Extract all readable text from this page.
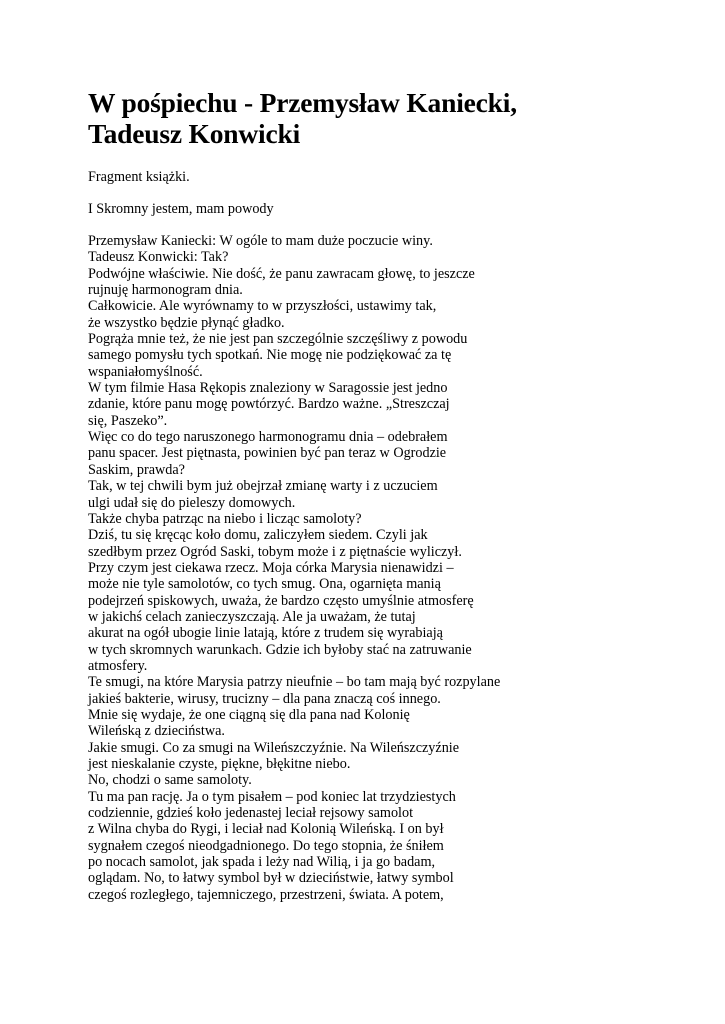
W pośpiechu - Przemysław Kaniecki,
Tadeusz Konwicki

Fragment książki.

I Skromny jestem, mam powody

Przemysław Kaniecki: W ogóle to mam duże poczucie winy.
Tadeusz Konwicki: Tak?
Podwójne właściwie. Nie dość, że panu zawracam głowę, to jeszcze
rujnuję harmonogram dnia.
Całkowicie. Ale wyrównamy to w przyszłości, ustawimy tak,
że wszystko będzie płynąć gładko.
Pogrąża mnie też, że nie jest pan szczególnie szczęśliwy z powodu
samego pomysłu tych spotkań. Nie mogę nie podziękować za tę
wspaniałomyślność.
W tym filmie Hasa Rękopis znaleziony w Saragossie jest jedno
zdanie, które panu mogę powtórzyć. Bardzo ważne. „Streszczaj
się, Paszeko”.
Więc co do tego naruszonego harmonogramu dnia – odebrałem
panu spacer. Jest piętnasta, powinien być pan teraz w Ogrodzie
Saskim, prawda?
Tak, w tej chwili bym już obejrzał zmianę warty i z uczuciem
ulgi udał się do pieleszy domowych.
Także chyba patrząc na niebo i licząc samoloty?
Dziś, tu się kręcąc koło domu, zaliczyłem siedem. Czyli jak
szedłbym przez Ogród Saski, tobym może i z piętnaście wyliczył.
Przy czym jest ciekawa rzecz. Moja córka Marysia nienawidzi –
może nie tyle samolotów, co tych smug. Ona, ogarnięta manią
podejrzeń spiskowych, uważa, że bardzo często umyślnie atmosferę
w jakichś celach zanieczyszczają. Ale ja uważam, że tutaj
akurat na ogół ubogie linie latają, które z trudem się wyrabiają
w tych skromnych warunkach. Gdzie ich byłoby stać na zatruwanie
atmosfery.
Te smugi, na które Marysia patrzy nieufnie – bo tam mają być rozpylane
jakieś bakterie, wirusy, trucizny – dla pana znaczą coś innego.
Mnie się wydaje, że one ciągną się dla pana nad Kolonię
Wileńską z dzieciństwa.
Jakie smugi. Co za smugi na Wileńszczyźnie. Na Wileńszczyźnie
jest nieskalanie czyste, piękne, błękitne niebo.
No, chodzi o same samoloty.
Tu ma pan rację. Ja o tym pisałem – pod koniec lat trzydziestych
codziennie, gdzieś koło jedenastej leciał rejsowy samolot
z Wilna chyba do Rygi, i leciał nad Kolonią Wileńską. I on był
sygnałem czegoś nieodgadnionego. Do tego stopnia, że śniłem
po nocach samolot, jak spada i leży nad Wilią, i ja go badam,
oglądam. No, to łatwy symbol był w dzieciństwie, łatwy symbol
czegoś rozległego, tajemniczego, przestrzeni, świata. A potem,
